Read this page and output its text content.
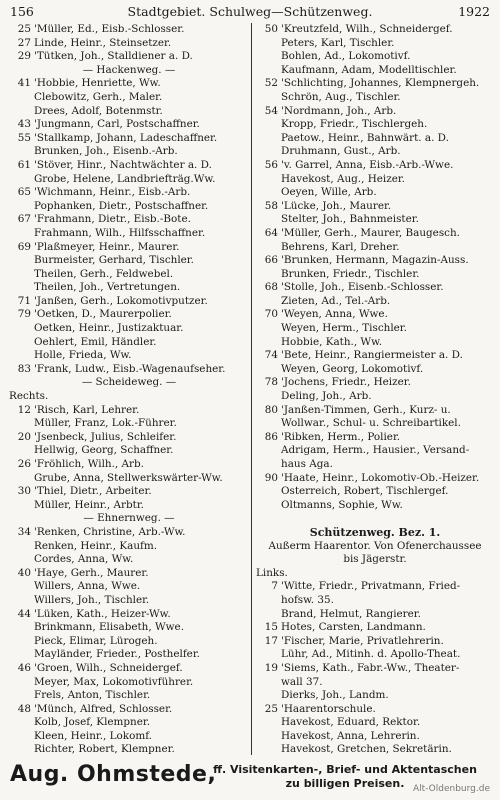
156	Stadtgebiet. Schulweg—Schützenweg.	1922
25 'Müller, Ed., Eisb.-Schlosser.
27 Linde, Heinr., Steinsetzer.
29 'Tütken, Joh., Stalldiener a. D.
— Hackenweg. —
41 'Hobbie, Henriette, Ww.
Clebowitz, Gerh., Maler.
Drees, Adolf, Botenmstr.
43 'Jungmann, Carl, Postschaffner.
55 'Stallkamp, Johann, Ladeschaffner.
Brunken, Joh., Eisenb.-Arb.
61 'Stöver, Hinr., Nachtwächter a. D.
Grobe, Helene, Landbriefträg.Ww.
65 'Wichmann, Heinr., Eisb.-Arb.
Pophanken, Dietr., Postschaffner.
67 'Frahmann, Dietr., Eisb.-Bote.
Frahmann, Wilh., Hilfsschaffner.
69 'Plaßmeyer, Heinr., Maurer.
Burmeister, Gerhard, Tischler.
Theilen, Gerh., Feldwebel.
Theilen, Joh., Vertretungen.
71 'Janßen, Gerh., Lokomotivputzer.
79 'Oetken, D., Maurerpolier.
Oetken, Heinr., Justizaktuar.
Oehlert, Emil, Händler.
Holle, Frieda, Ww.
83 'Frank, Ludw., Eisb.-Wagenaufseher.
— Scheideweg. —
Rechts.
12 'Risch, Karl, Lehrer.
Müller, Franz, Lok.-Führer.
20 'Jsenbeck, Julius, Schleifer.
Hellwig, Georg, Schaffner.
26 'Fröhlich, Wilh., Arb.
Grube, Anna, Stellwerkswärter-Ww.
30 'Thiel, Dietr., Arbeiter.
Müller, Heinr., Arbtr.
— Ehnernweg. —
34 'Renken, Christine, Arb.-Ww.
Renken, Heinr., Kaufm.
Cordes, Anna, Ww.
40 'Haye, Gerh., Maurer.
Willers, Anna, Wwe.
Willers, Joh., Tischler.
44 'Lüken, Kath., Heizer-Ww.
Brinkmann, Elisabeth, Wwe.
Pieck, Elimar, Lürogeh.
Mayländer, Frieder., Posthelfer.
46 'Groen, Wilh., Schneidergef.
Meyer, Max, Lokomotivführer.
Frels, Anton, Tischler.
48 'Münch, Alfred, Schlosser.
Kolb, Josef, Klempner.
Kleen, Heinr., Lokomf.
Richter, Robert, Klempner.
50 'Kreutzfeld, Wilh., Schneidergef.
Peters, Karl, Tischler.
Bohlen, Ad., Lokomotivf.
Kaufmann, Adam, Modelltischler.
52 'Schlichting, Johannes, Klempnergeh.
Schrön, Aug., Tischler.
54 'Nordmann, Joh., Arb.
Kropp, Friedr., Tischlergeh.
Paetow., Heinr., Bahnwärt. a. D.
Druhmann, Gust., Arb.
56 'v. Garrel, Anna, Eisb.-Arb.-Wwe.
Havekost, Aug., Heizer.
Oeyen, Wille, Arb.
58 'Lücke, Joh., Maurer.
Stelter, Joh., Bahnmeister.
64 'Müller, Gerh., Maurer, Baugesch.
Behrens, Karl, Dreher.
66 'Brunken, Hermann, Magazin-Auss.
Brunken, Friedr., Tischler.
68 'Stolle, Joh., Eisenb.-Schlosser.
Zieten, Ad., Tel.-Arb.
70 'Weyen, Anna, Wwe.
Weyen, Herm., Tischler.
Hobbie, Kath., Ww.
74 'Bete, Heinr., Rangiermeister a. D.
Weyen, Georg, Lokomotivf.
78 'Jochens, Friedr., Heizer.
Deling, Joh., Arb.
80 'Janßen-Timmen, Gerh., Kurz- u.
Wollwar., Schul- u. Schreibartikel.
86 'Ribken, Herm., Polier.
Adrigam, Herm., Hausier., Versand-
haus Aga.
90 'Haate, Heinr., Lokomotiv-Ob.-Heizer.
Osterreich, Robert, Tischlergef.
Oltmanns, Sophie, Ww.
Schützenweg. Bez. 1.
Außerm Haarentor. Von Ofenerchaussee
bis Jägerstr.
Links.
7 'Witte, Friedr., Privatmann, Fried-
hofsw. 35.
Brand, Helmut, Rangierer.
15 Hotes, Carsten, Landmann.
17 'Fischer, Marie, Privatlehrerin.
Lühr, Ad., Mitinh. d. Apollo-Theat.
19 'Siems, Kath., Fabr.-Ww., Theater-
wall 37.
Dierks, Joh., Landm.
25 'Haarentorschule.
Havekost, Eduard, Rektor.
Havekost, Anna, Lehrerin.
Havekost, Gretchen, Sekretärin.
Aug. Ohmstede,
ff. Visitenkarten-, Brief- und Aktentaschen
zu billigen Preisen. Alt-Oldenburg.de
